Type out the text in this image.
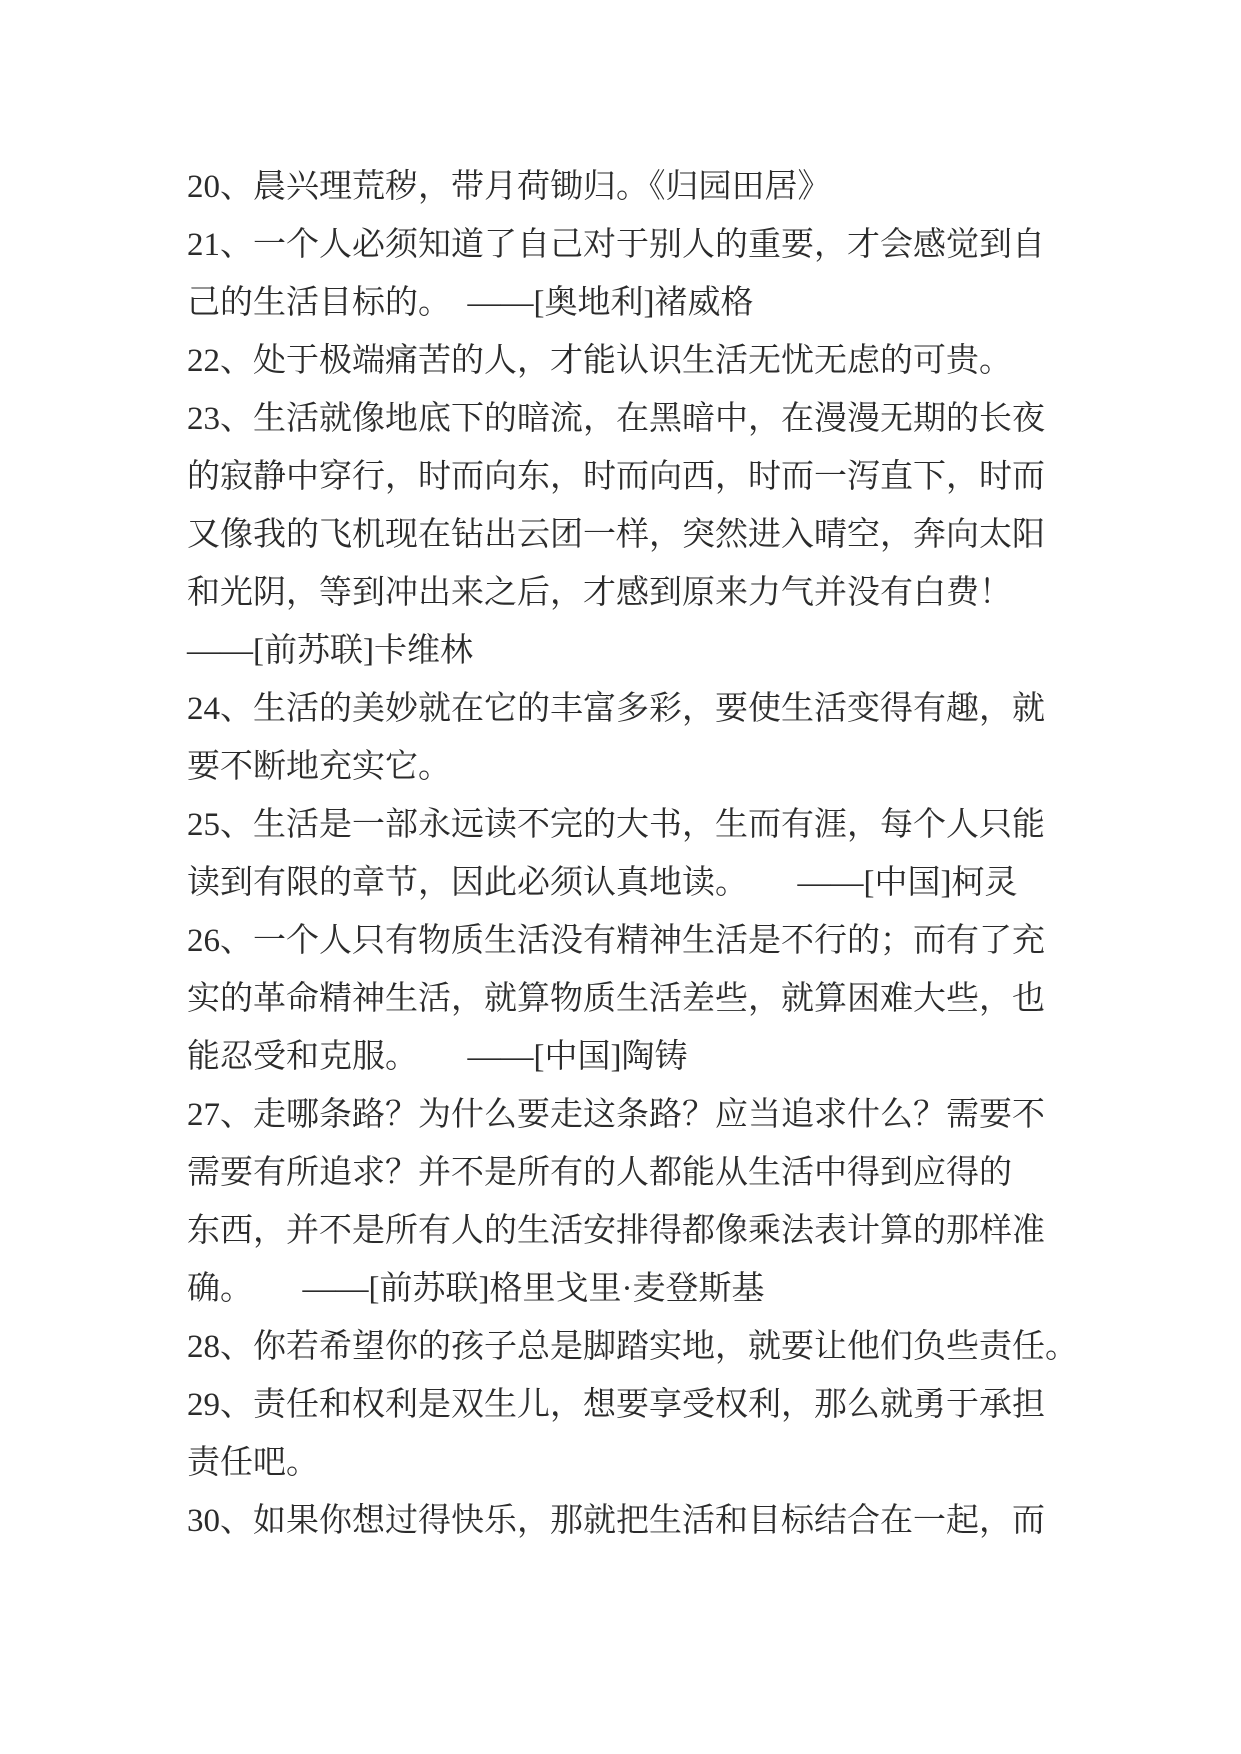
20、晨兴理荒秽，带月荷锄归。《归园田居》
21、一个人必须知道了自己对于别人的重要，才会感觉到自
己的生活目标的。　——[奥地利]褚威格
22、处于极端痛苦的人，才能认识生活无忧无虑的可贵。
23、生活就像地底下的暗流，在黑暗中，在漫漫无期的长夜
的寂静中穿行，时而向东，时而向西，时而一泻直下，时而
又像我的飞机现在钻出云团一样，突然进入晴空，奔向太阳
和光阴，等到冲出来之后，才感到原来力气并没有白费！
——[前苏联]卡维林
24、生活的美妙就在它的丰富多彩，要使生活变得有趣，就
要不断地充实它。
25、生活是一部永远读不完的大书，生而有涯，每个人只能
读到有限的章节，因此必须认真地读。　　——[中国]柯灵
26、一个人只有物质生活没有精神生活是不行的；而有了充
实的革命精神生活，就算物质生活差些，就算困难大些，也
能忍受和克服。　　——[中国]陶铸
27、走哪条路？为什么要走这条路？应当追求什么？需要不
需要有所追求？并不是所有的人都能从生活中得到应得的
东西，并不是所有人的生活安排得都像乘法表计算的那样准
确。　　——[前苏联]格里戈里·麦登斯基
28、你若希望你的孩子总是脚踏实地，就要让他们负些责任。
29、责任和权利是双生儿，想要享受权利，那么就勇于承担
责任吧。
30、如果你想过得快乐，那就把生活和目标结合在一起，而
